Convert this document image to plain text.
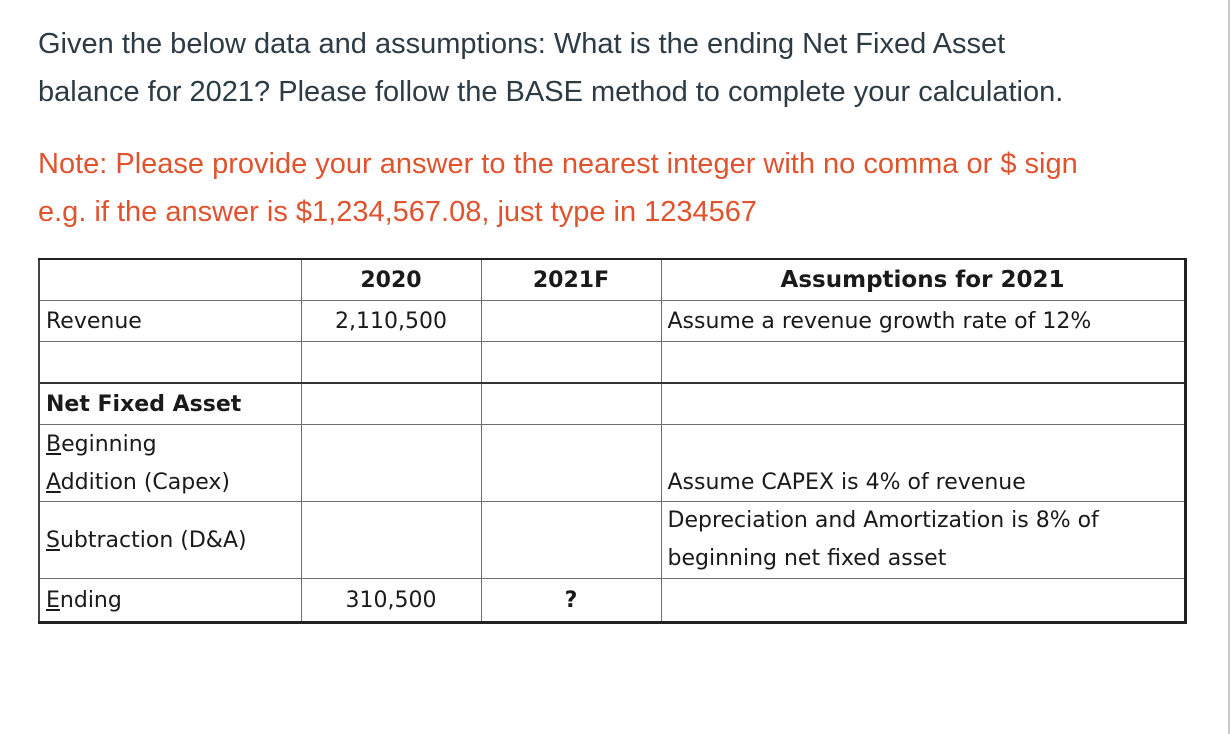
Given the below data and assumptions: What is the ending Net Fixed Asset

balance for 2021? Please follow the BASE method to complete your calculation.

Note: Please provide your answer to the nearest integer with no comma or $ sign

e.g. if the answer is $1,234,567.08, just type in 1234567

	2020	2021F	Assumptions for 2021
Revenue	2,110,500		Assume a revenue growth rate of 12%

Net Fixed Asset			
Beginning			
Addition (Capex)			Assume CAPEX is 4% of revenue
Subtraction (D&A)			Depreciation and Amortization is 8% of beginning net fixed asset
Ending	310,500	?	
